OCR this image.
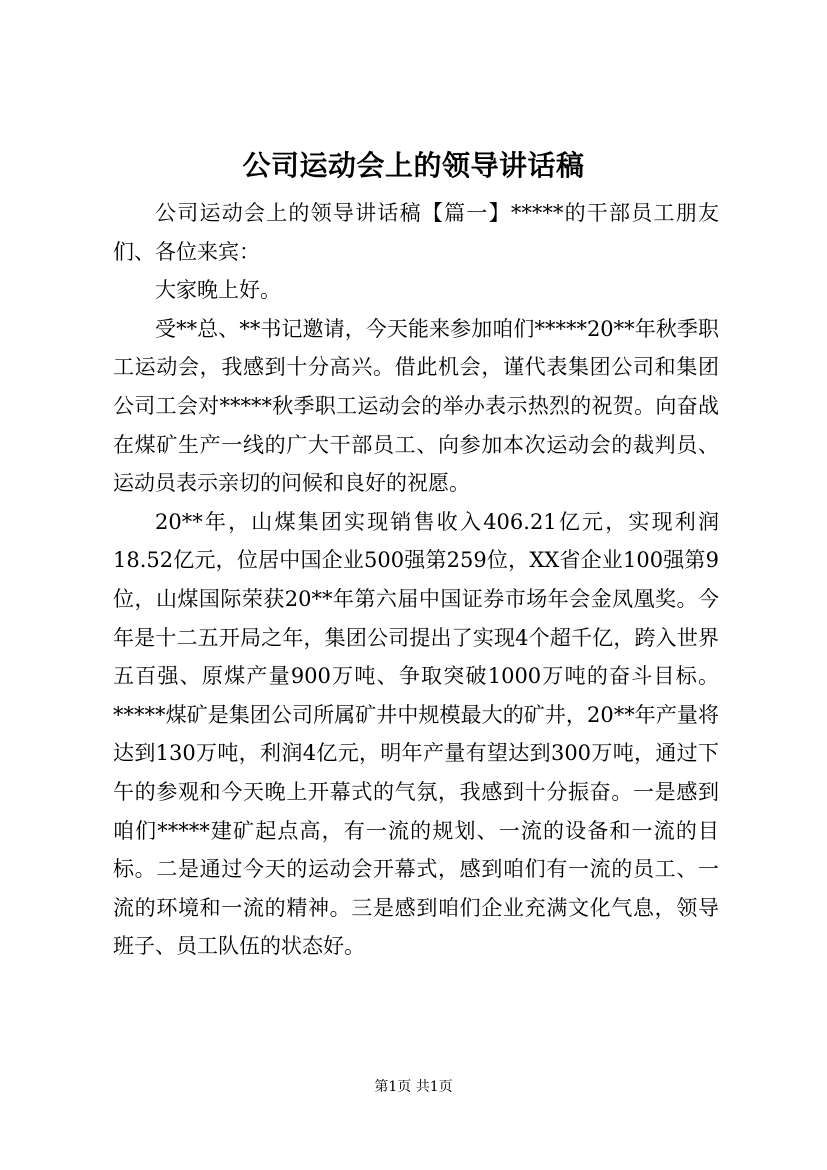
公司运动会上的领导讲话稿

公司运动会上的领导讲话稿【篇一】*****的干部员工朋友们、各位来宾：

大家晚上好。

受**总、**书记邀请，今天能来参加咱们*****20**年秋季职工运动会，我感到十分高兴。借此机会，谨代表集团公司和集团公司工会对*****秋季职工运动会的举办表示热烈的祝贺。向奋战在煤矿生产一线的广大干部员工、向参加本次运动会的裁判员、运动员表示亲切的问候和良好的祝愿。

20**年，山煤集团实现销售收入406.21亿元，实现利润18.52亿元，位居中国企业500强第259位，XX省企业100强第9位，山煤国际荣获20**年第六届中国证券市场年会金凤凰奖。今年是十二五开局之年，集团公司提出了实现4个超千亿，跨入世界五百强、原煤产量900万吨、争取突破1000万吨的奋斗目标。*****煤矿是集团公司所属矿井中规模最大的矿井，20**年产量将达到130万吨，利润4亿元，明年产量有望达到300万吨，通过下午的参观和今天晚上开幕式的气氛，我感到十分振奋。一是感到咱们*****建矿起点高，有一流的规划、一流的设备和一流的目标。二是通过今天的运动会开幕式，感到咱们有一流的员工、一流的环境和一流的精神。三是感到咱们企业充满文化气息，领导班子、员工队伍的状态好。

第1页 共1页
